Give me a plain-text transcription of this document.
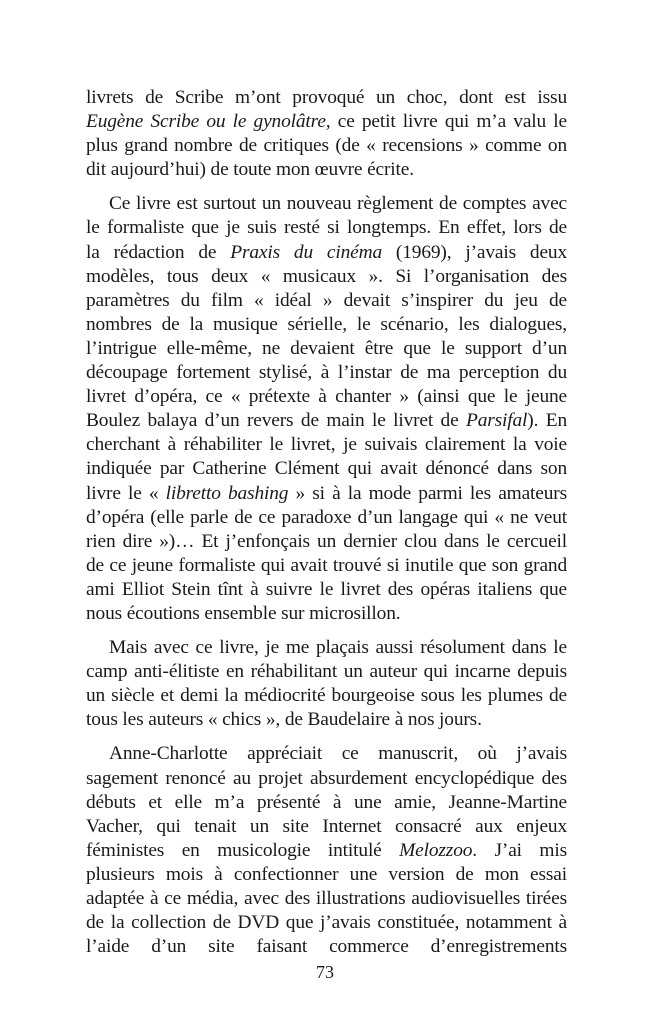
livrets de Scribe m’ont provoqué un choc, dont est issu
Eugène Scribe ou le gynolâtre, ce petit livre qui m’a valu le
plus grand nombre de critiques (de « recensions » comme on
dit aujourd’hui) de toute mon œuvre écrite.
Ce livre est surtout un nouveau règlement de comptes avec
le formaliste que je suis resté si longtemps. En effet, lors de
la rédaction de Praxis du cinéma (1969), j’avais deux
modèles, tous deux « musicaux ». Si l’organisation des
paramètres du film « idéal » devait s’inspirer du jeu de
nombres de la musique sérielle, le scénario, les dialogues,
l’intrigue elle-même, ne devaient être que le support d’un
découpage fortement stylisé, à l’instar de ma perception du
livret d’opéra, ce « prétexte à chanter » (ainsi que le jeune
Boulez balaya d’un revers de main le livret de Parsifal). En
cherchant à réhabiliter le livret, je suivais clairement la voie
indiquée par Catherine Clément qui avait dénoncé dans son
livre le « libretto bashing » si à la mode parmi les amateurs
d’opéra (elle parle de ce paradoxe d’un langage qui « ne veut
rien dire »)… Et j’enfonçais un dernier clou dans le cercueil
de ce jeune formaliste qui avait trouvé si inutile que son grand
ami Elliot Stein tînt à suivre le livret des opéras italiens que
nous écoutions ensemble sur microsillon.
Mais avec ce livre, je me plaçais aussi résolument dans le
camp anti-élitiste en réhabilitant un auteur qui incarne depuis
un siècle et demi la médiocrité bourgeoise sous les plumes de
tous les auteurs « chics », de Baudelaire à nos jours.
Anne-Charlotte appréciait ce manuscrit, où j’avais
sagement renoncé au projet absurdement encyclopédique des
débuts et elle m’a présenté à une amie, Jeanne-Martine
Vacher, qui tenait un site Internet consacré aux enjeux
féministes en musicologie intitulé Melozzoo. J’ai mis
plusieurs mois à confectionner une version de mon essai
adaptée à ce média, avec des illustrations audiovisuelles tirées
de la collection de DVD que j’avais constituée, notamment à
l’aide d’un site faisant commerce d’enregistrements
73
